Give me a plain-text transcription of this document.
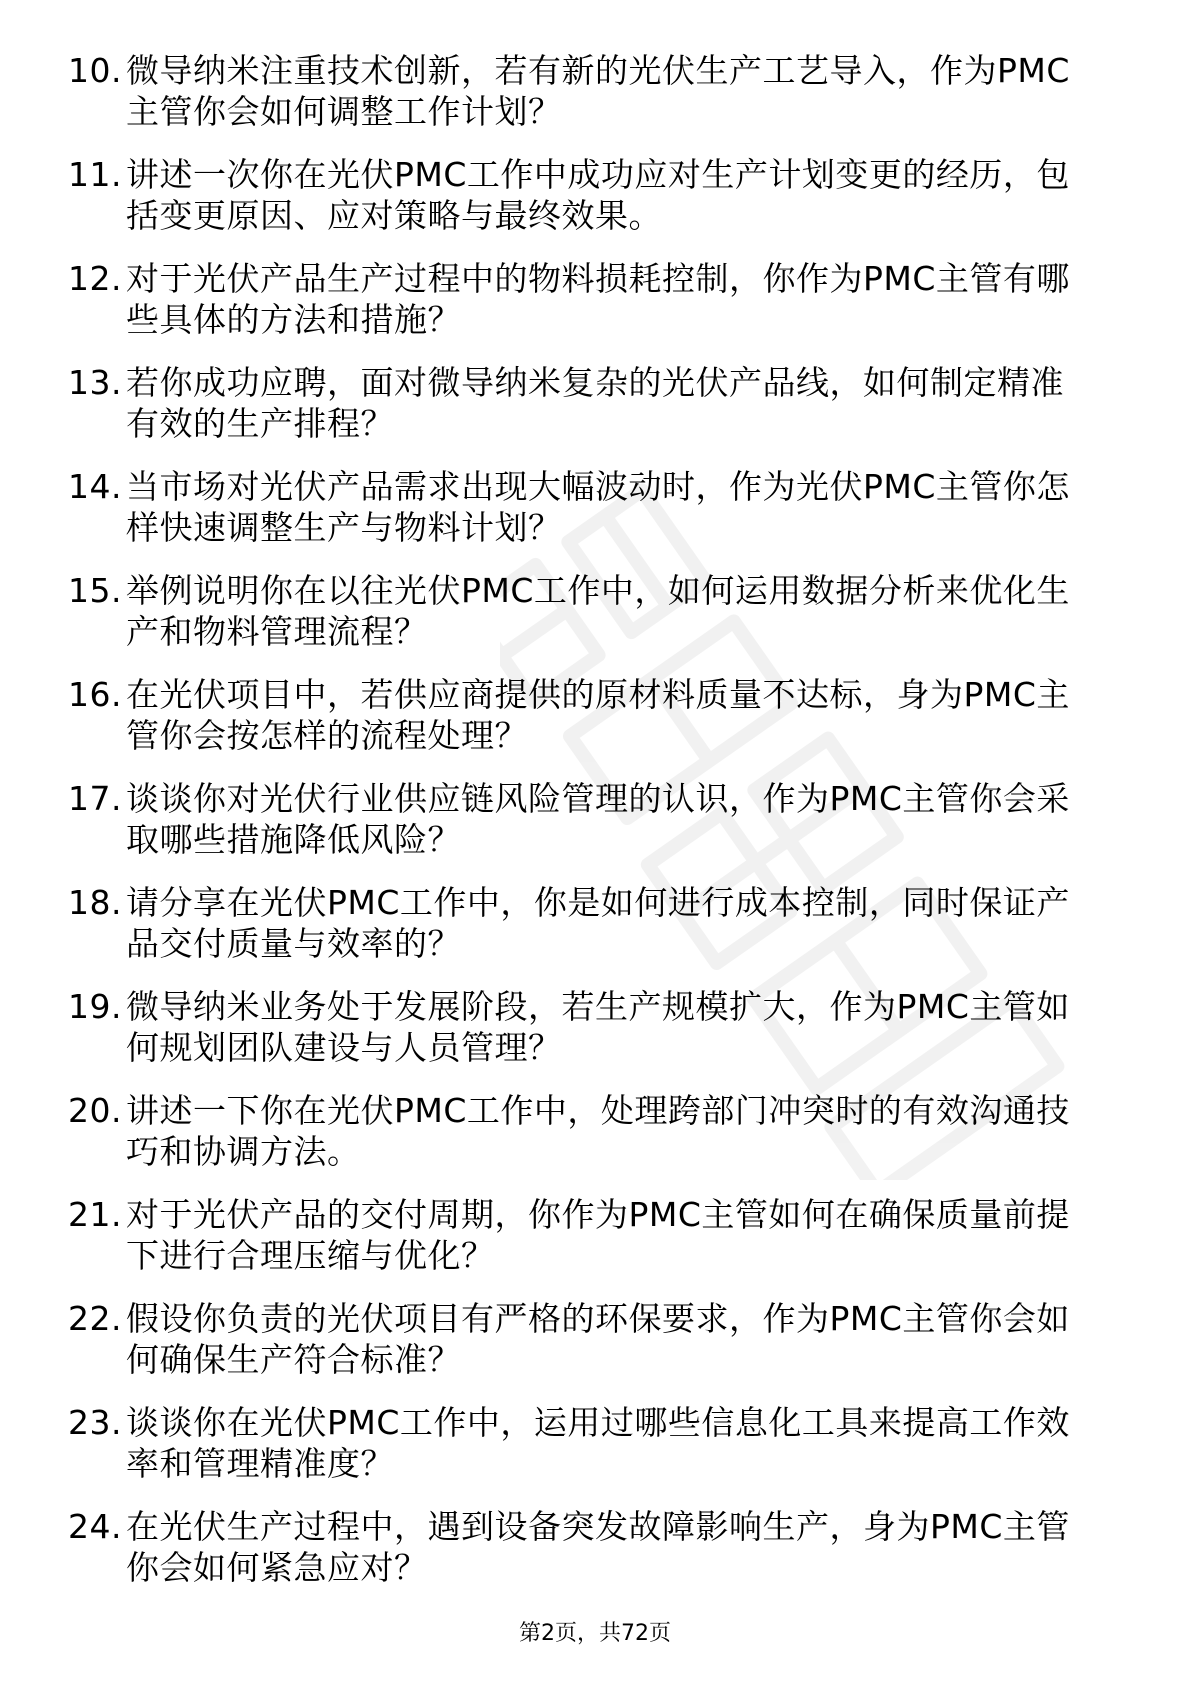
10. 微导纳米注重技术创新，若有新的光伏生产工艺导入，作为PMC
主管你会如何调整工作计划？
11. 讲述一次你在光伏PMC工作中成功应对生产计划变更的经历，包
括变更原因、应对策略与最终效果。
12. 对于光伏产品生产过程中的物料损耗控制，你作为PMC主管有哪
些具体的方法和措施？
13. 若你成功应聘，面对微导纳米复杂的光伏产品线，如何制定精准
有效的生产排程？
14. 当市场对光伏产品需求出现大幅波动时，作为光伏PMC主管你怎
样快速调整生产与物料计划？
15. 举例说明你在以往光伏PMC工作中，如何运用数据分析来优化生
产和物料管理流程？
16. 在光伏项目中，若供应商提供的原材料质量不达标，身为PMC主
管你会按怎样的流程处理？
17. 谈谈你对光伏行业供应链风险管理的认识，作为PMC主管你会采
取哪些措施降低风险？
18. 请分享在光伏PMC工作中，你是如何进行成本控制，同时保证产
品交付质量与效率的？
19. 微导纳米业务处于发展阶段，若生产规模扩大，作为PMC主管如
何规划团队建设与人员管理？
20. 讲述一下你在光伏PMC工作中，处理跨部门冲突时的有效沟通技
巧和协调方法。
21. 对于光伏产品的交付周期，你作为PMC主管如何在确保质量前提
下进行合理压缩与优化？
22. 假设你负责的光伏项目有严格的环保要求，作为PMC主管你会如
何确保生产符合标准？
23. 谈谈你在光伏PMC工作中，运用过哪些信息化工具来提高工作效
率和管理精准度？
24. 在光伏生产过程中，遇到设备突发故障影响生产，身为PMC主管
你会如何紧急应对？
第2页，共72页
